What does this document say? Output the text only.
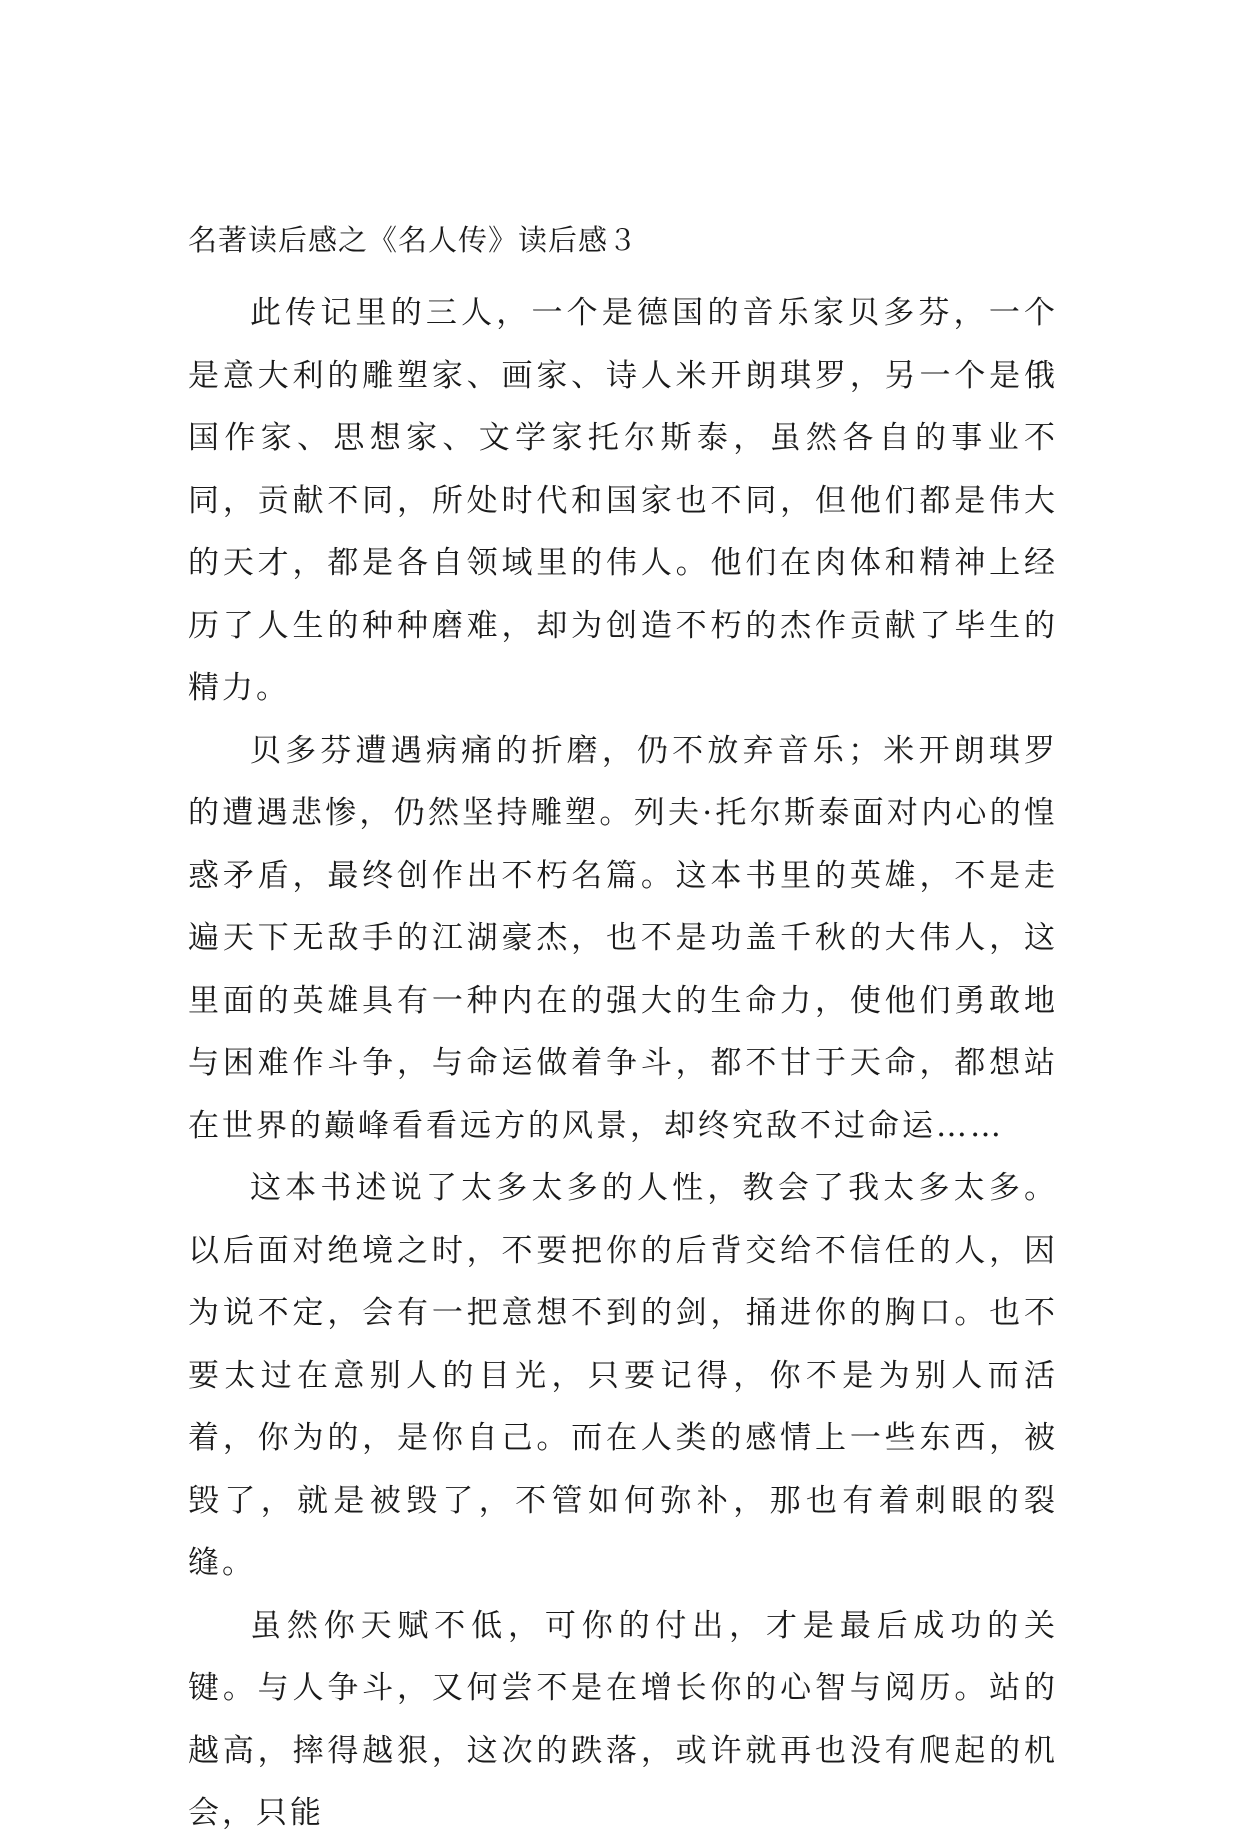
名著读后感之《名人传》读后感３

此传记里的三人，一个是德国的音乐家贝多芬，一个是意大利的雕塑家、画家、诗人米开朗琪罗，另一个是俄国作家、思想家、文学家托尔斯泰，虽然各自的事业不同，贡献不同，所处时代和国家也不同，但他们都是伟大的天才，都是各自领域里的伟人。他们在肉体和精神上经历了人生的种种磨难，却为创造不朽的杰作贡献了毕生的精力。

贝多芬遭遇病痛的折磨，仍不放弃音乐；米开朗琪罗的遭遇悲惨，仍然坚持雕塑。列夫·托尔斯泰面对内心的惶惑矛盾，最终创作出不朽名篇。这本书里的英雄，不是走遍天下无敌手的江湖豪杰，也不是功盖千秋的大伟人，这里面的英雄具有一种内在的强大的生命力，使他们勇敢地与困难作斗争，与命运做着争斗，都不甘于天命，都想站在世界的巅峰看看远方的风景，却终究敌不过命运……

这本书述说了太多太多的人性，教会了我太多太多。以后面对绝境之时，不要把你的后背交给不信任的人，因为说不定，会有一把意想不到的剑，捅进你的胸口。也不要太过在意别人的目光，只要记得，你不是为别人而活着，你为的，是你自己。而在人类的感情上一些东西，被毁了，就是被毁了，不管如何弥补，那也有着刺眼的裂缝。

虽然你天赋不低，可你的付出，才是最后成功的关键。与人争斗，又何尝不是在增长你的心智与阅历。站的越高，摔得越狠，这次的跌落，或许就再也没有爬起的机会，只能
